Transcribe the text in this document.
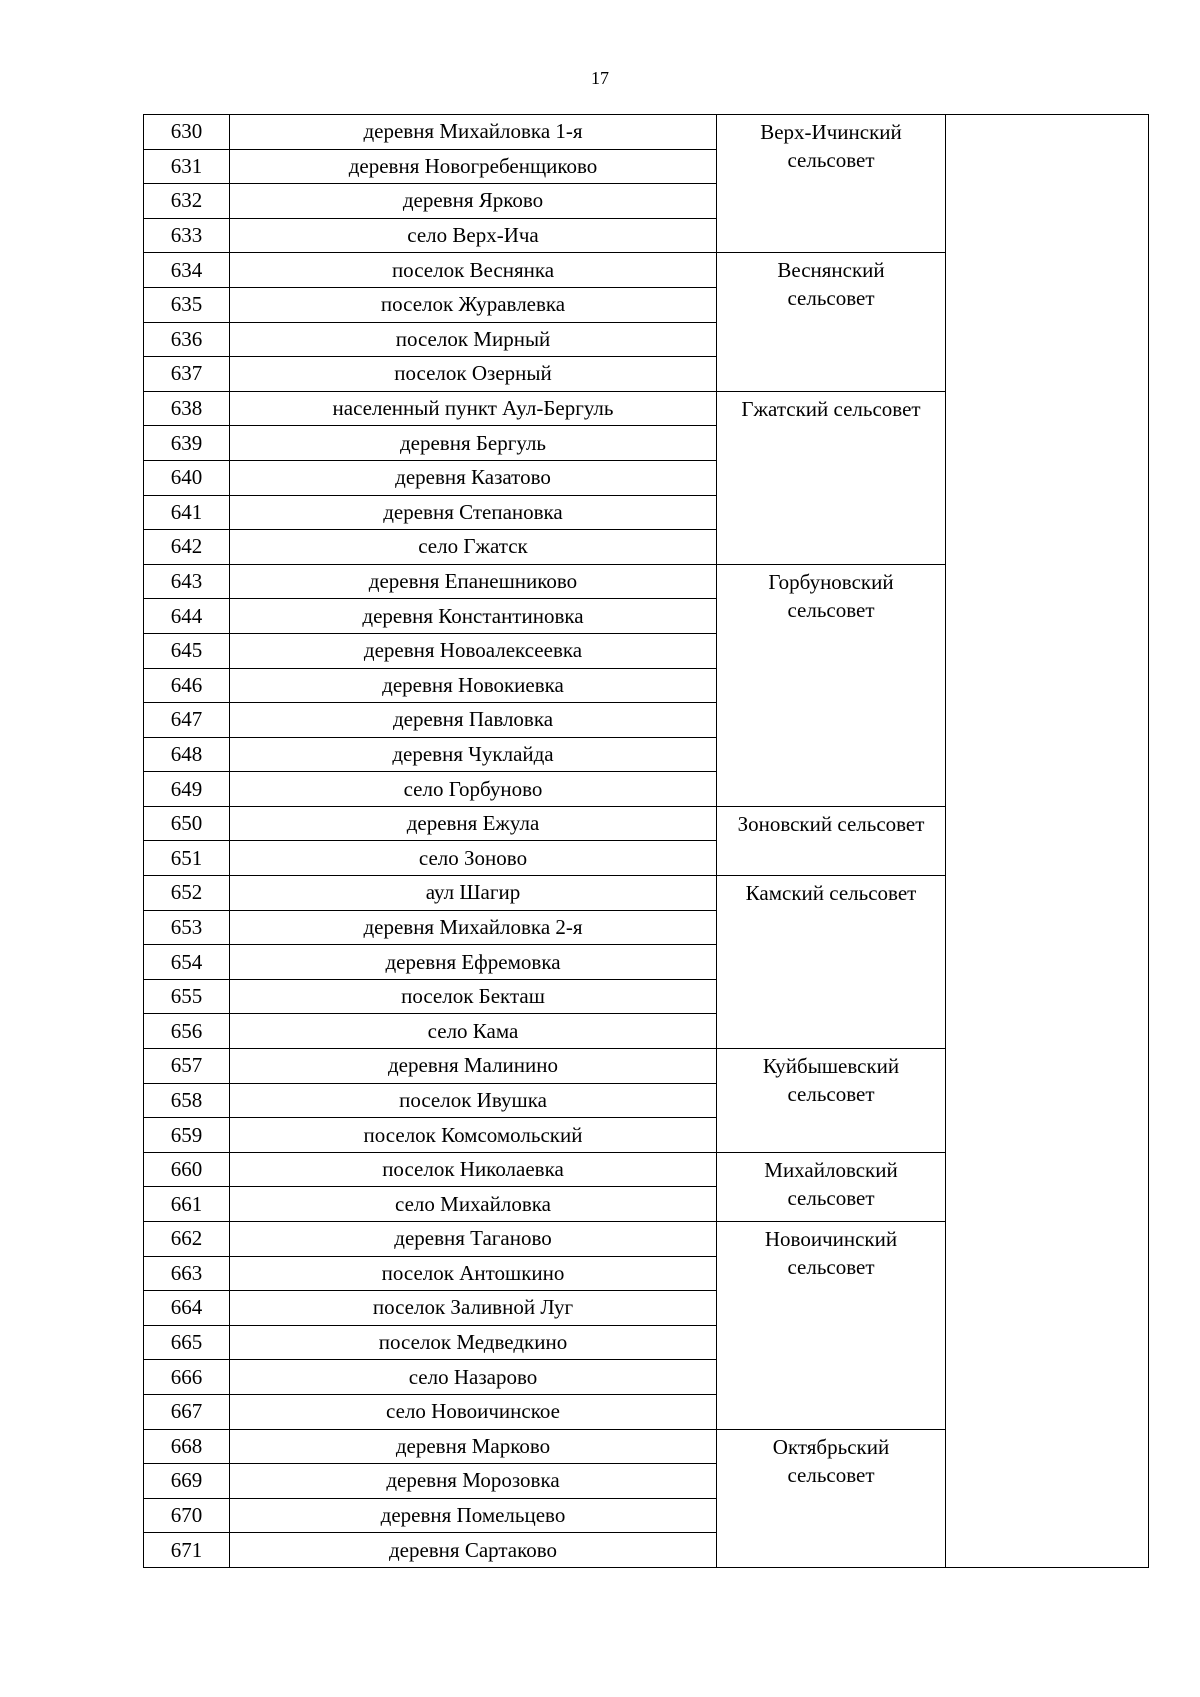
17
630	деревня Михайловка 1-я	Верх-Ичинский
сельсовет	

631	деревня Новогребенщиково		
632	деревня Ярково		
633	село Верх-Ича		
634	поселок Веснянка	Веснянский
сельсовет	

635	поселок Журавлевка		
636	поселок Мирный		
637	поселок Озерный		
638	населенный пункт Аул-Бергуль	Гжатский сельсовет	

639	деревня Бергуль		
640	деревня Казатово		
641	деревня Степановка		
642	село Гжатск		
643	деревня Епанешниково	Горбуновский
сельсовет	

644	деревня Константиновка		
645	деревня Новоалексеевка		
646	деревня Новокиевка		
647	деревня Павловка		
648	деревня Чуклайда		
649	село Горбуново		
650	деревня Ежула	Зоновский сельсовет	

651	село Зоново		
652	аул Шагир	Камский сельсовет	

653	деревня Михайловка 2-я		
654	деревня Ефремовка		
655	поселок Бекташ		
656	село Кама		
657	деревня Малинино	Куйбышевский
сельсовет	

658	поселок Ивушка		
659	поселок Комсомольский		
660	поселок Николаевка	Михайловский
сельсовет	

661	село Михайловка		
662	деревня Таганово	Новоичинский
сельсовет	

663	поселок Антошкино		
664	поселок Заливной Луг		
665	поселок Медведкино		
666	село Назарово		
667	село Новоичинское		
668	деревня Марково	Октябрьский
сельсовет	

669	деревня Морозовка		
670	деревня Помельцево		
671	деревня Сартаково		
